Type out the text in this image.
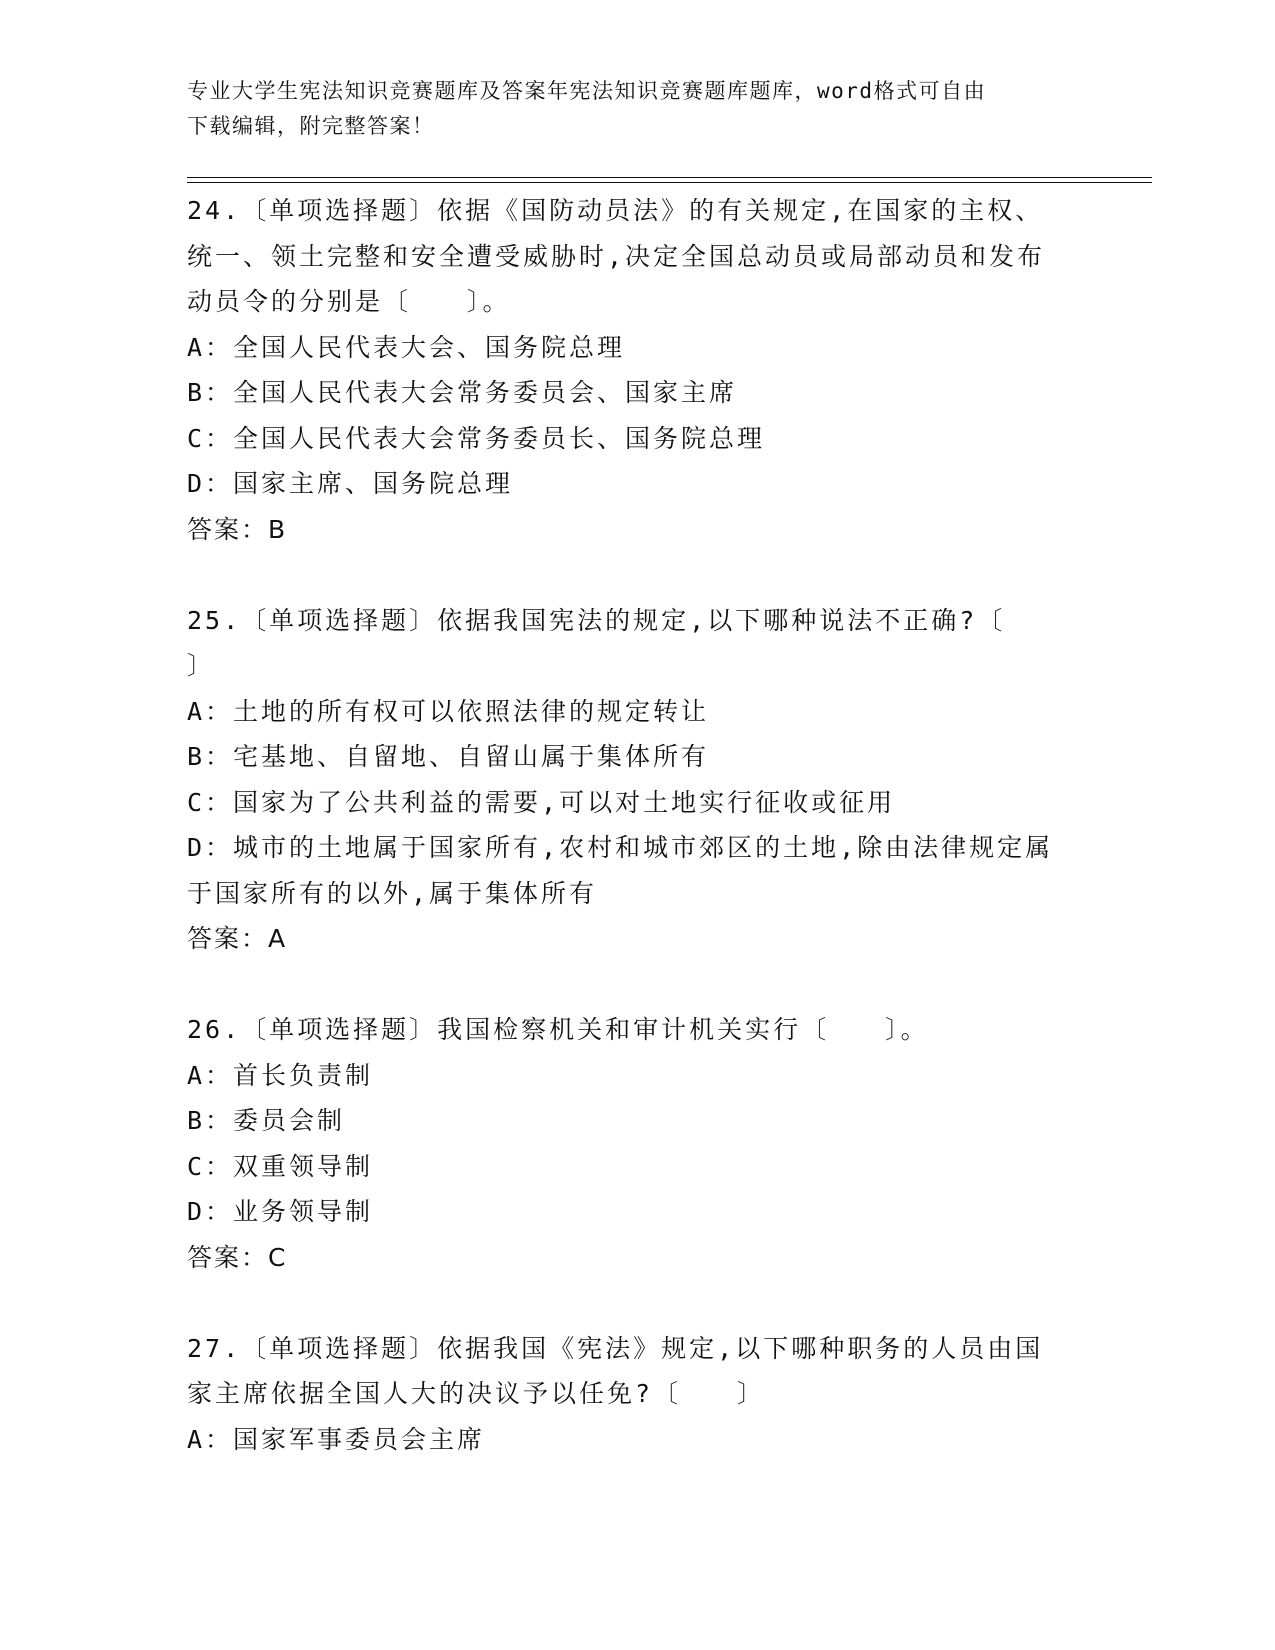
专业大学生宪法知识竞赛题库及答案年宪法知识竞赛题库题库，word格式可自由
下载编辑，附完整答案！
24.〔单项选择题〕依据《国防动员法》的有关规定,在国家的主权、
统一、领土完整和安全遭受威胁时,决定全国总动员或局部动员和发布
动员令的分别是〔　　〕。
A：全国人民代表大会、国务院总理
B：全国人民代表大会常务委员会、国家主席
C：全国人民代表大会常务委员长、国务院总理
D：国家主席、国务院总理
答案：B
25.〔单项选择题〕依据我国宪法的规定,以下哪种说法不正确?〔
〕
A：土地的所有权可以依照法律的规定转让
B：宅基地、自留地、自留山属于集体所有
C：国家为了公共利益的需要,可以对土地实行征收或征用
D：城市的土地属于国家所有,农村和城市郊区的土地,除由法律规定属
于国家所有的以外,属于集体所有
答案：A
26.〔单项选择题〕我国检察机关和审计机关实行〔　　〕。
A：首长负责制
B：委员会制
C：双重领导制
D：业务领导制
答案：C
27.〔单项选择题〕依据我国《宪法》规定,以下哪种职务的人员由国
家主席依据全国人大的决议予以任免?〔　　〕
A：国家军事委员会主席
